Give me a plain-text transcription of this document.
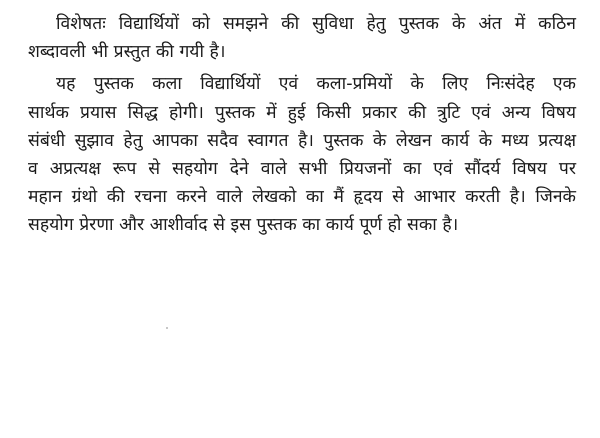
विशेषतः विद्यार्थियों को समझने की सुविधा हेतु पुस्तक के अंत में कठिन
शब्दावली भी प्रस्तुत की गयी है।

यह पुस्तक कला विद्यार्थियों एवं कला-प्रमियों के लिए निःसंदेह एक
सार्थक प्रयास सिद्ध होगी। पुस्तक में हुई किसी प्रकार की त्रुटि एवं अन्य विषय
संबंधी सुझाव हेतु आपका सदैव स्वागत है। पुस्तक के लेखन कार्य के मध्य प्रत्यक्ष
व अप्रत्यक्ष रूप से सहयोग देने वाले सभी प्रियजनों का एवं सौंदर्य विषय पर
महान ग्रंथो की रचना करने वाले लेखको का मैं हृदय से आभार करती है। जिनके
सहयोग प्रेरणा और आशीर्वाद से इस पुस्तक का कार्य पूर्ण हो सका है।
